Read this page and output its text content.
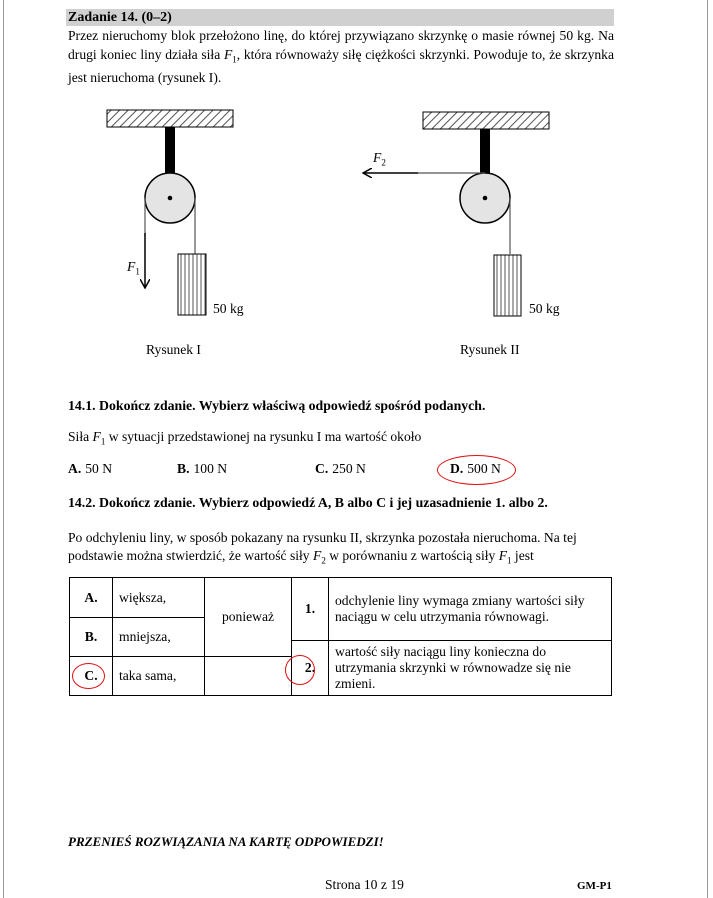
Zadanie 14. (0–2)
Przez nieruchomy blok przełożono linę, do której przywiązano skrzynkę o masie równej 50 kg. Na drugi koniec liny działa siła $F_1$, która równoważy siłę ciężkości skrzynki. Powoduje to, że skrzynka jest nieruchoma (rysunek I).
$F_1$
50 kg
Rysunek I
$F_2$
50 kg
Rysunek II
14.1. Dokończ zdanie. Wybierz właściwą odpowiedź spośród podanych.
Siła $F_1$ w sytuacji przedstawionej na rysunku I ma wartość około
A. 50 N	B. 100 N	C. 250 N	D. 500 N
14.2. Dokończ zdanie. Wybierz odpowiedź A, B albo C i jej uzasadnienie 1. albo 2.
Po odchyleniu liny, w sposób pokazany na rysunku II, skrzynka pozostała nieruchoma. Na tej
podstawie można stwierdzić, że wartość siły $F_2$ w porównaniu z wartością siły $F_1$ jest
A.	większa,	ponieważ	1.	odchylenie liny wymaga zmiany wartości siły naciągu w celu utrzymania równowagi.
B.	mniejsza,			
			2.	wartość siły naciągu liny konieczna do utrzymania skrzynki w równowadze się nie zmieni.
C.	taka sama,			
PRZENIEŚ ROZWIĄZANIA NA KARTĘ ODPOWIEDZI!
Strona 10 z 19	GM-P1
